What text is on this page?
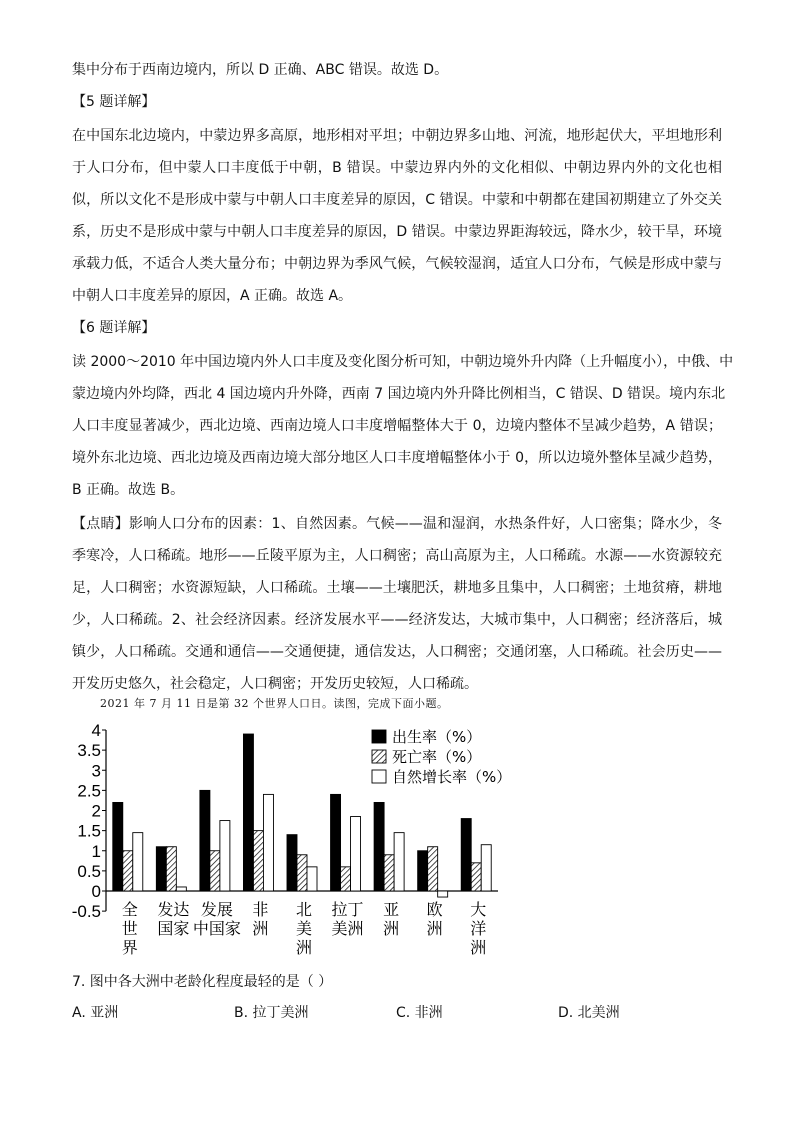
集中分布于西南边境内，所以 D 正确、ABC 错误。故选 D。
【5 题详解】
在中国东北边境内，中蒙边界多高原，地形相对平坦；中朝边界多山地、河流，地形起伏大，平坦地形利
于人口分布，但中蒙人口丰度低于中朝，B 错误。中蒙边界内外的文化相似、中朝边界内外的文化也相
似，所以文化不是形成中蒙与中朝人口丰度差异的原因，C 错误。中蒙和中朝都在建国初期建立了外交关
系，历史不是形成中蒙与中朝人口丰度差异的原因，D 错误。中蒙边界距海较远，降水少，较干旱，环境
承载力低，不适合人类大量分布；中朝边界为季风气候，气候较湿润，适宜人口分布，气候是形成中蒙与
中朝人口丰度差异的原因，A 正确。故选 A。
【6 题详解】
读 2000～2010 年中国边境内外人口丰度及变化图分析可知，中朝边境外升内降（上升幅度小），中俄、中
蒙边境内外均降，西北 4 国边境内升外降，西南 7 国边境内外升降比例相当，C 错误、D 错误。境内东北
人口丰度显著减少，西北边境、西南边境人口丰度增幅整体大于 0，边境内整体不呈减少趋势，A 错误；
境外东北边境、西北边境及西南边境大部分地区人口丰度增幅整体小于 0，所以边境外整体呈减少趋势，
B 正确。故选 B。
【点睛】影响人口分布的因素：1、自然因素。气候——温和湿润，水热条件好，人口密集；降水少，冬
季寒冷，人口稀疏。地形——丘陵平原为主，人口稠密；高山高原为主，人口稀疏。水源——水资源较充
足，人口稠密；水资源短缺，人口稀疏。土壤——土壤肥沃，耕地多且集中，人口稠密；土地贫瘠，耕地
少，人口稀疏。2、社会经济因素。经济发展水平——经济发达，大城市集中，人口稠密；经济落后，城
镇少，人口稀疏。交通和通信——交通便捷，通信发达，人口稠密；交通闭塞，人口稀疏。社会历史——
开发历史悠久，社会稳定，人口稠密；开发历史较短，人口稀疏。
2021 年 7 月 11 日是第 32 个世界人口日。读图，完成下面小题。
7. 图中各大洲中老龄化程度最轻的是（ ）
4
3.5
3
2.5
2
1.5
1
0.5
0
-0.5 全
世
界
发达
国家
发展
中国家
非
洲
北
美
洲
拉丁
美洲
亚
洲
欧
洲
大
洋
洲
出生率（%）
死亡率（%）
自然增长率（%）
A. 亚洲	B. 拉丁美洲	C. 非洲	D. 北美洲
